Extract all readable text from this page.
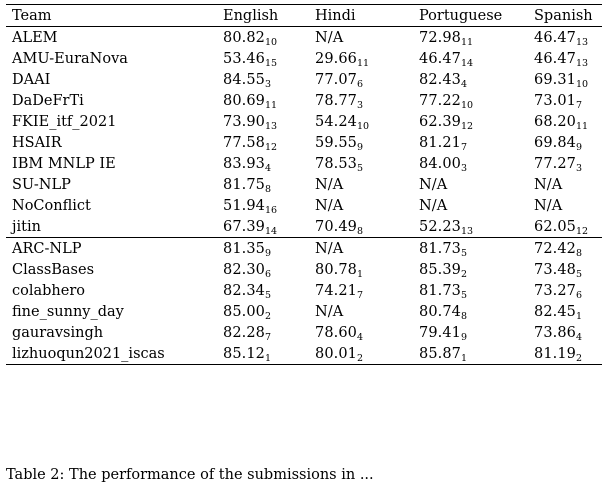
Team	English	Hindi	Portuguese	Spanish
ALEM	$80.82_{10}$	N/A	$72.98_{11}$	$46.47_{13}$
AMU-EuraNova	$53.46_{15}$	$29.66_{11}$	$46.47_{14}$	$46.47_{13}$
DAAI	$84.55_3$	$77.07_6$	$82.43_4$	$69.31_{10}$
DaDeFrTi	$80.69_{11}$	$78.77_3$	$77.22_{10}$	$73.01_7$
FKIE_itf_2021	$73.90_{13}$	$54.24_{10}$	$62.39_{12}$	$68.20_{11}$
HSAIR	$77.58_{12}$	$59.55_9$	$81.21_7$	$69.84_9$
IBM MNLP IE	$83.93_4$	$78.53_5$	$84.00_3$	$77.27_3$
SU-NLP	$81.75_8$	N/A	N/A	N/A
NoConflict	$51.94_{16}$	N/A	N/A	N/A
jitin	$67.39_{14}$	$70.49_8$	$52.23_{13}$	$62.05_{12}$
ARC-NLP	$81.35_9$	N/A	$81.73_5$	$72.42_8$
ClassBases	$82.30_6$	$80.78_1$	$85.39_2$	$73.48_5$
colabhero	$82.34_5$	$74.21_7$	$81.73_5$	$73.27_6$
fine_sunny_day	$85.00_2$	N/A	$80.74_8$	$82.45_1$
gauravsingh	$82.28_7$	$78.60_4$	$79.41_9$	$73.86_4$
lizhuoqun2021_iscas	$85.12_1$	$80.01_2$	$85.87_1$	$81.19_2$
Table 2: The performance of the submissions in ...
